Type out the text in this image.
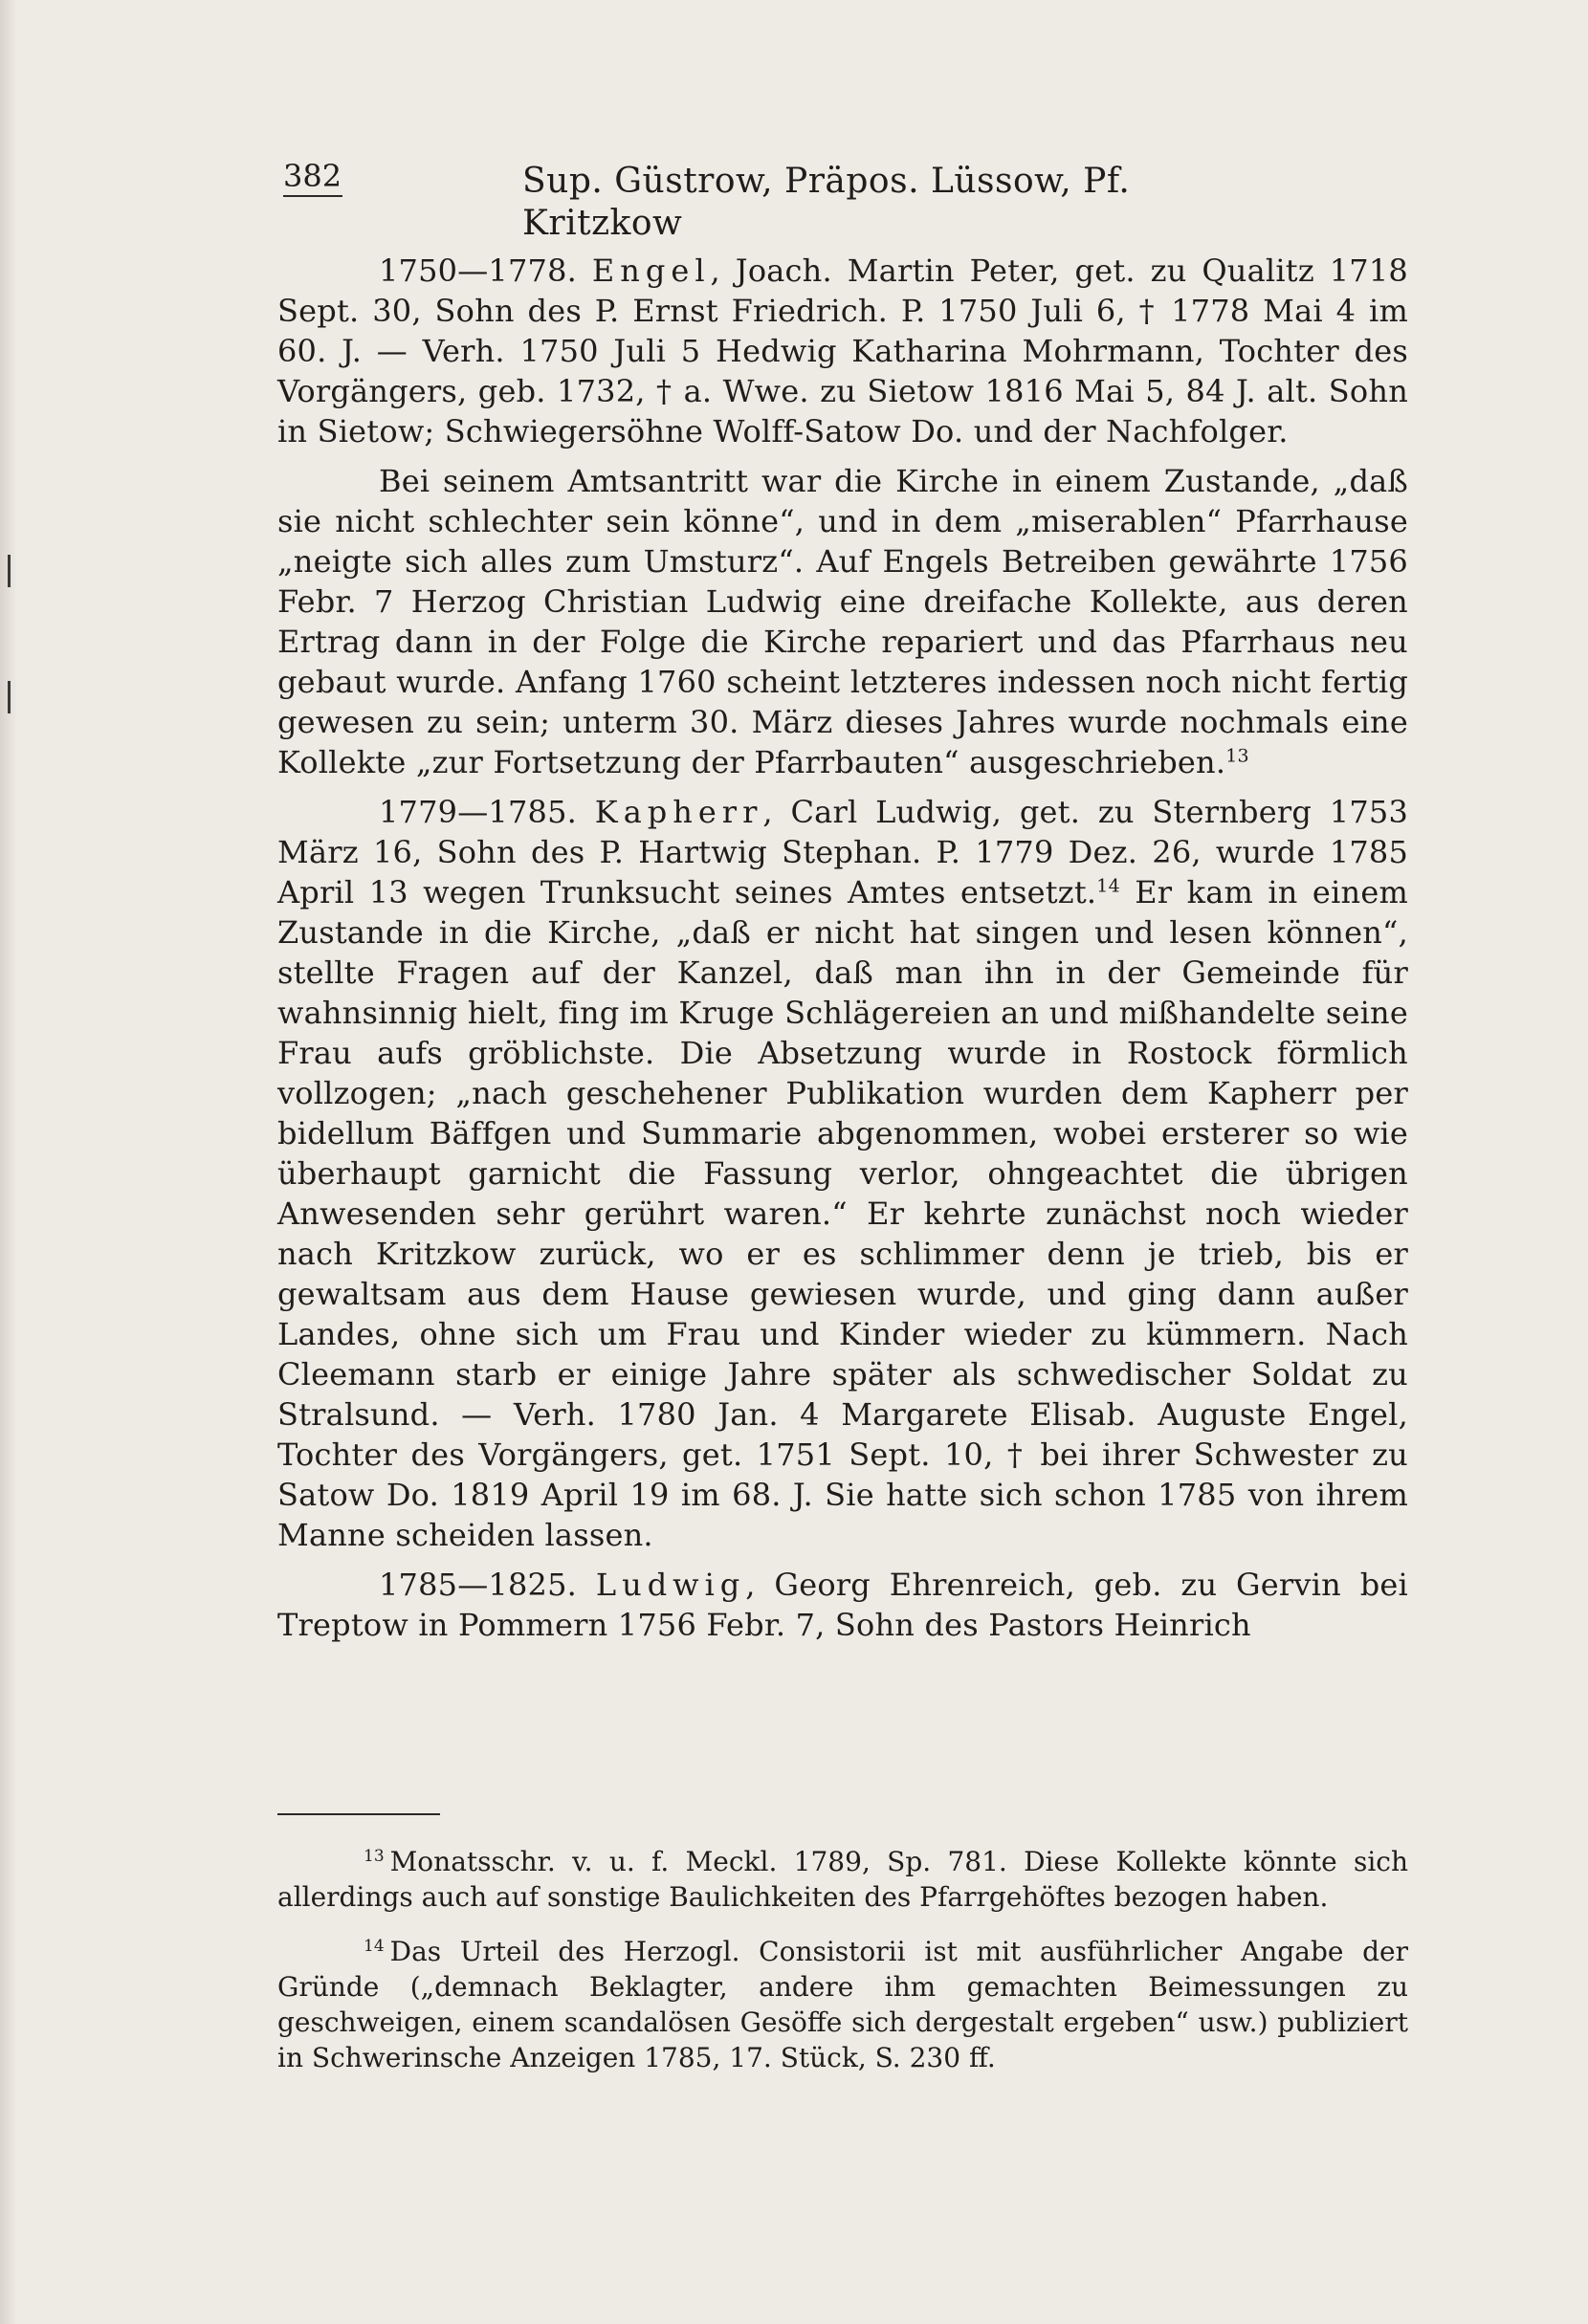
382	Sup. Güstrow, Präpos. Lüssow, Pf. Kritzkow

1750—1778. Engel, Joach. Martin Peter, get. zu Qualitz 1718 Sept. 30, Sohn des P. Ernst Friedrich. P. 1750 Juli 6, † 1778 Mai 4 im 60. J. — Verh. 1750 Juli 5 Hedwig Katharina Mohrmann, Tochter des Vorgängers, geb. 1732, † a. Wwe. zu Sietow 1816 Mai 5, 84 J. alt. Sohn in Sietow; Schwiegersöhne Wolff-Satow Do. und der Nachfolger.

Bei seinem Amtsantritt war die Kirche in einem Zustande, „daß sie nicht schlechter sein könne“, und in dem „miserablen“ Pfarrhause „neigte sich alles zum Umsturz“. Auf Engels Betreiben gewährte 1756 Febr. 7 Herzog Christian Ludwig eine dreifache Kollekte, aus deren Ertrag dann in der Folge die Kirche repariert und das Pfarrhaus neu gebaut wurde. Anfang 1760 scheint letzteres indessen noch nicht fertig gewesen zu sein; unterm 30. März dieses Jahres wurde nochmals eine Kollekte „zur Fortsetzung der Pfarrbauten“ ausgeschrieben.$^{13}$

1779—1785. Kapherr, Carl Ludwig, get. zu Sternberg 1753 März 16, Sohn des P. Hartwig Stephan. P. 1779 Dez. 26, wurde 1785 April 13 wegen Trunksucht seines Amtes entsetzt.$^{14}$ Er kam in einem Zustande in die Kirche, „daß er nicht hat singen und lesen können“, stellte Fragen auf der Kanzel, daß man ihn in der Gemeinde für wahnsinnig hielt, fing im Kruge Schlägereien an und mißhandelte seine Frau aufs gröblichste. Die Absetzung wurde in Rostock förmlich vollzogen; „nach geschehener Publikation wurden dem Kapherr per bidellum Bäffgen und Summarie abgenommen, wobei ersterer so wie überhaupt garnicht die Fassung verlor, ohngeachtet die übrigen Anwesenden sehr gerührt waren.“ Er kehrte zunächst noch wieder nach Kritzkow zurück, wo er es schlimmer denn je trieb, bis er gewaltsam aus dem Hause gewiesen wurde, und ging dann außer Landes, ohne sich um Frau und Kinder wieder zu kümmern. Nach Cleemann starb er einige Jahre später als schwedischer Soldat zu Stralsund. — Verh. 1780 Jan. 4 Margarete Elisab. Auguste Engel, Tochter des Vorgängers, get. 1751 Sept. 10, † bei ihrer Schwester zu Satow Do. 1819 April 19 im 68. J. Sie hatte sich schon 1785 von ihrem Manne scheiden lassen.

1785—1825. Ludwig, Georg Ehrenreich, geb. zu Gervin bei Treptow in Pommern 1756 Febr. 7, Sohn des Pastors Heinrich

$^{13}$ Monatsschr. v. u. f. Meckl. 1789, Sp. 781. Diese Kollekte könnte sich allerdings auch auf sonstige Baulichkeiten des Pfarrgehöftes bezogen haben.

$^{14}$ Das Urteil des Herzogl. Consistorii ist mit ausführlicher Angabe der Gründe („demnach Beklagter, andere ihm gemachten Beimessungen zu geschweigen, einem scandalösen Gesöffe sich dergestalt ergeben“ usw.) publiziert in Schwerinsche Anzeigen 1785, 17. Stück, S. 230 ff.
